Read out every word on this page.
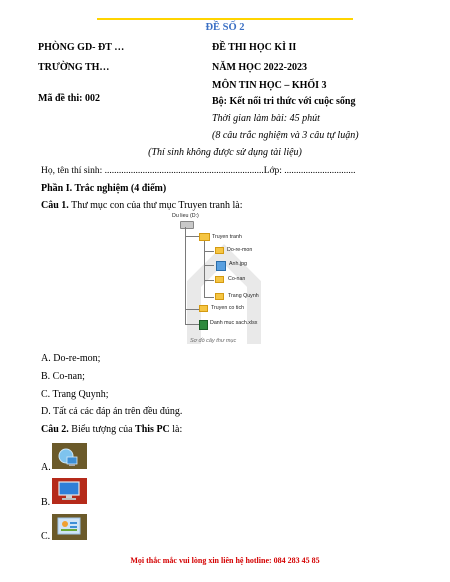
ĐỀ SỐ 2
PHÒNG GD- ĐT …
TRƯỜNG TH…
Mã đề thi: 002
ĐỀ THI HỌC KÌ II
NĂM HỌC 2022-2023
MÔN TIN HỌC – KHỐI 3
Bộ: Kết nối tri thức với cuộc sống
Thời gian làm bài: 45 phút
(8 câu trắc nghiệm và 3 câu tự luận)
(Thí sinh không được sử dụng tài liệu)
Họ, tên thí sinh: ...................................................................Lớp: ..............................
Phần I. Trắc nghiệm (4 điểm)
Câu 1. Thư mục con của thư mục Truyen tranh là:
Du lieu (D:)
Truyen tranh
Do-re-mon
Anh.jpg
Co-nan
Trang Quynh
Truyen co tich
Danh muc sach.xlsx
Sơ đồ cây thư mục
A. Do-re-mon;
B. Co-nan;
C. Trang Quynh;
D. Tất cả các đáp án trên đều đúng.
Câu 2. Biểu tượng của This PC là:
A.
B.
C.
Mọi thắc mắc vui lòng xin liên hệ hotline: 084 283 45 85
